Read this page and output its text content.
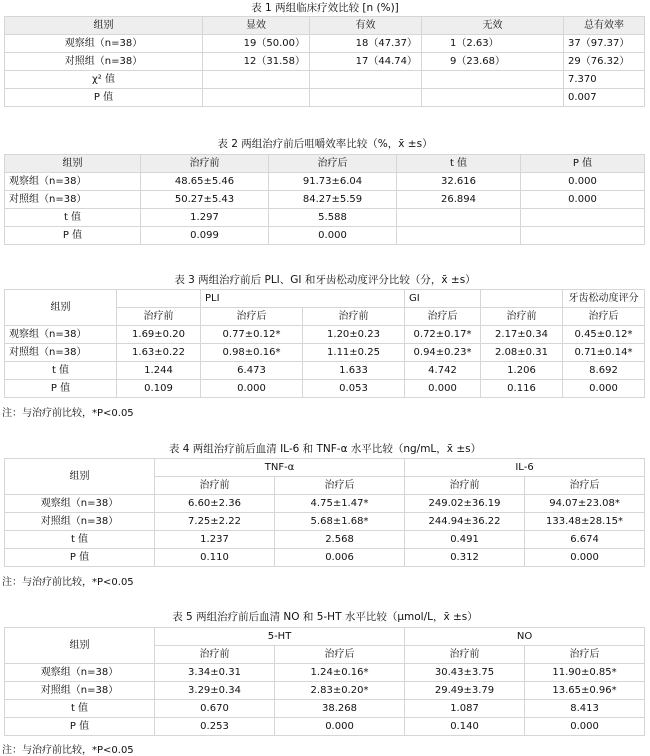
表 1 两组临床疗效比较 [n (%)]
组别	显效	有效	无效	总有效率
观察组（n=38）	19（50.00）	18（47.37）	1（2.63）	37（97.37）
对照组（n=38）	12（31.58）	17（44.74）	9（23.68）	29（76.32）
χ² 值				7.370
P 值				0.007
表 2 两组治疗前后咀嚼效率比较（%，x̄ ±s）
组别	治疗前	治疗后	t 值	P 值
观察组（n=38）	48.65±5.46	91.73±6.04	32.616	0.000
对照组（n=38）	50.27±5.43	84.27±5.59	26.894	0.000
t 值	1.297	5.588		
P 值	0.099	0.000		
表 3 两组治疗前后 PLI、GI 和牙齿松动度评分比较（分，x̄ ±s）
组别		PLI		GI		牙齿松动度评分
	治疗前	治疗后	治疗前	治疗后	治疗前	治疗后
观察组（n=38）	1.69±0.20	0.77±0.12*	1.20±0.23	0.72±0.17*	2.17±0.34	0.45±0.12*
对照组（n=38）	1.63±0.22	0.98±0.16*	1.11±0.25	0.94±0.23*	2.08±0.31	0.71±0.14*
t 值	1.244	6.473	1.633	4.742	1.206	8.692
P 值	0.109	0.000	0.053	0.000	0.116	0.000
注：与治疗前比较，*P<0.05
表 4 两组治疗前后血清 IL-6 和 TNF-α 水平比较（ng/mL，x̄ ±s）
组别	TNF-α		IL-6	
	治疗前	治疗后	治疗前	治疗后
观察组（n=38）	6.60±2.36	4.75±1.47*	249.02±36.19	94.07±23.08*
对照组（n=38）	7.25±2.22	5.68±1.68*	244.94±36.22	133.48±28.15*
t 值	1.237	2.568	0.491	6.674
P 值	0.110	0.006	0.312	0.000
注：与治疗前比较，*P<0.05
表 5 两组治疗前后血清 NO 和 5-HT 水平比较（μmol/L，x̄ ±s）
组别	5-HT		NO	
	治疗前	治疗后	治疗前	治疗后
观察组（n=38）	3.34±0.31	1.24±0.16*	30.43±3.75	11.90±0.85*
对照组（n=38）	3.29±0.34	2.83±0.20*	29.49±3.79	13.65±0.96*
t 值	0.670	38.268	1.087	8.413
P 值	0.253	0.000	0.140	0.000
注：与治疗前比较，*P<0.05
